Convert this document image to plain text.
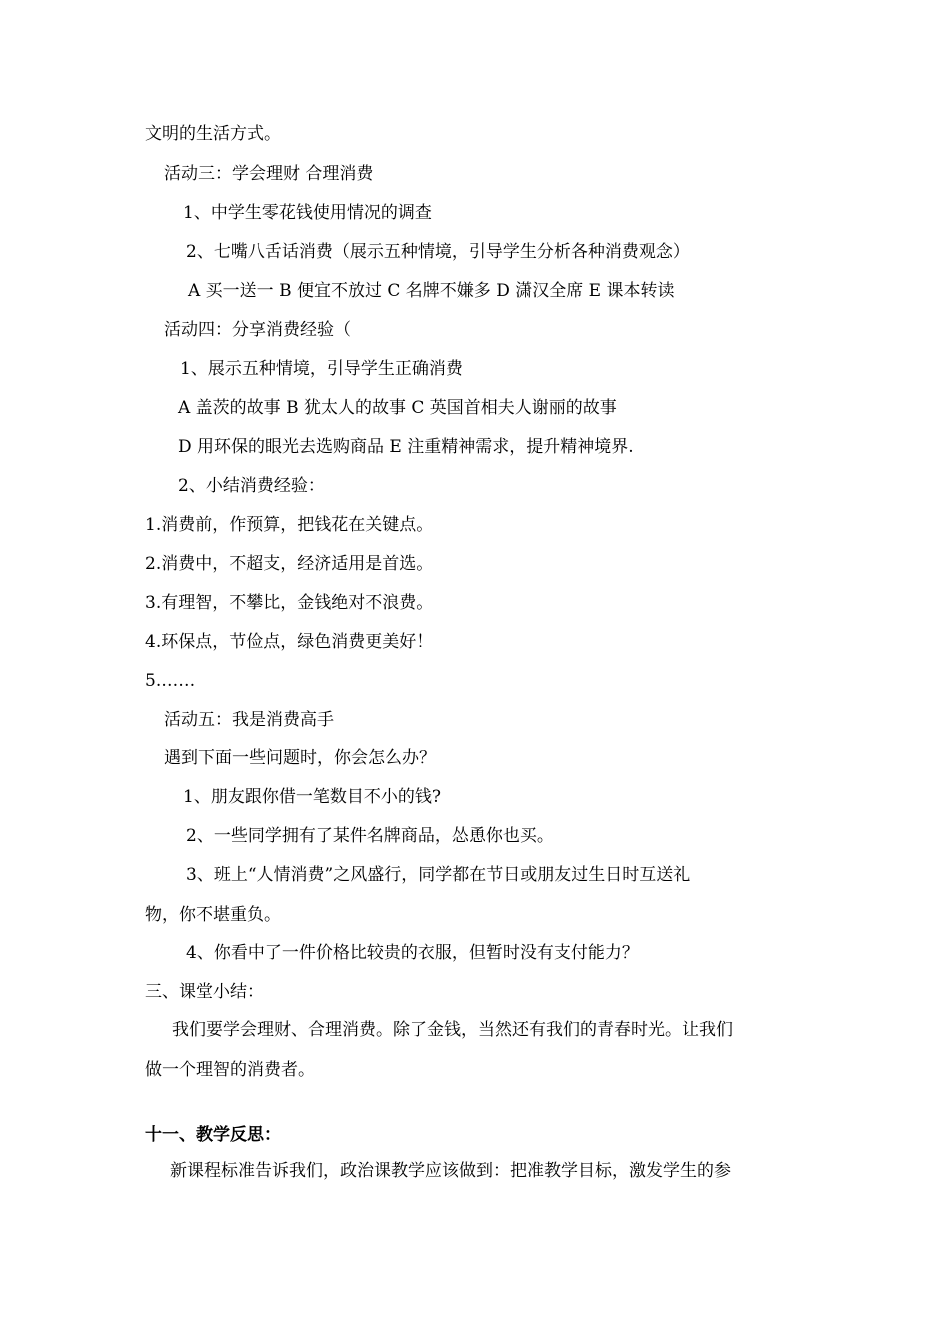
文明的生活方式。
活动三：学会理财 合理消费
1、中学生零花钱使用情况的调查
2、七嘴八舌话消费（展示五种情境，引导学生分析各种消费观念）
A 买一送一 B 便宜不放过 C 名牌不嫌多 D 潇汉全席 E 课本转读
活动四：分享消费经验（
1、展示五种情境，引导学生正确消费
A 盖茨的故事 B 犹太人的故事 C 英国首相夫人谢丽的故事
D 用环保的眼光去选购商品 E 注重精神需求，提升精神境界.
2、小结消费经验：
1.消费前，作预算，把钱花在关键点。
2.消费中，不超支，经济适用是首选。
3.有理智，不攀比，金钱绝对不浪费。
4.环保点，节俭点，绿色消费更美好！
5.……
活动五：我是消费高手
遇到下面一些问题时，你会怎么办？
1、朋友跟你借一笔数目不小的钱?
2、一些同学拥有了某件名牌商品，怂恿你也买。
3、班上“人情消费”之风盛行，同学都在节日或朋友过生日时互送礼
物，你不堪重负。
4、你看中了一件价格比较贵的衣服，但暂时没有支付能力？
三、课堂小结：
我们要学会理财、合理消费。除了金钱，当然还有我们的青春时光。让我们
做一个理智的消费者。
十一、教学反思：
新课程标准告诉我们，政治课教学应该做到：把准教学目标，激发学生的参
